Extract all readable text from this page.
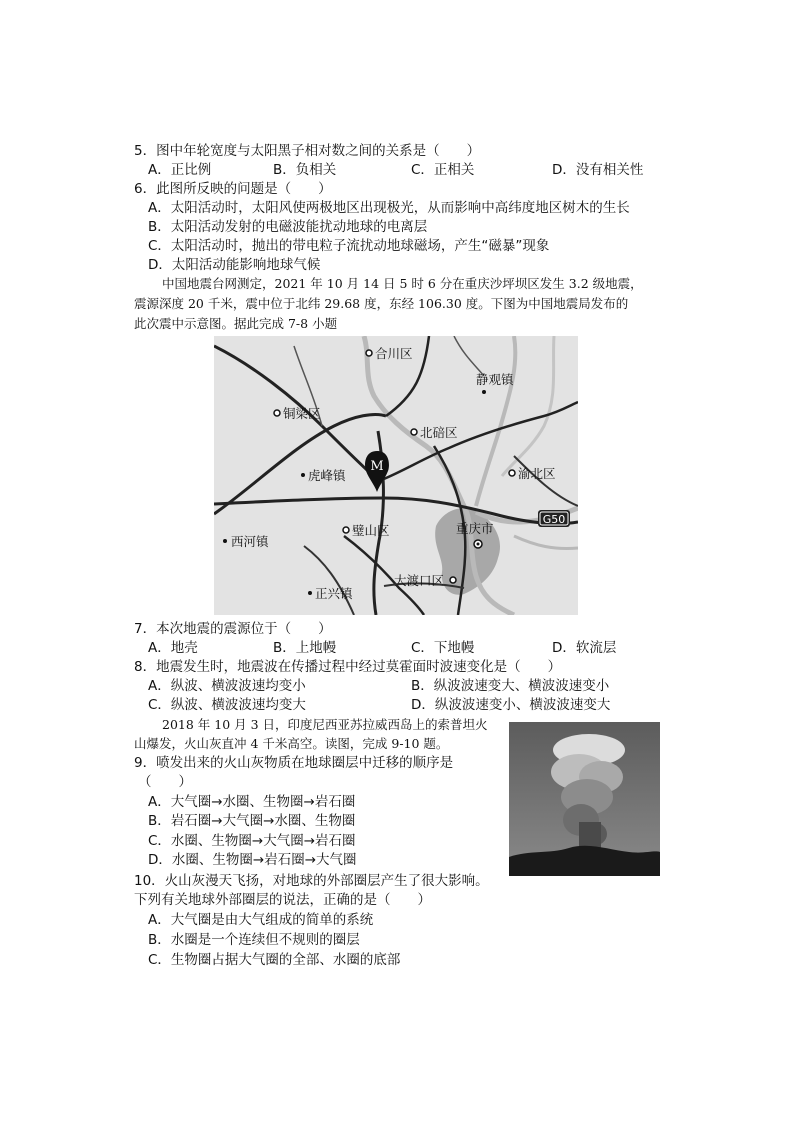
5．图中年轮宽度与太阳黑子相对数之间的关系是（　　）
A．正比例	B．负相关	C．正相关	D．没有相关性
6．此图所反映的问题是（　　）
A．太阳活动时，太阳风使两极地区出现极光，从而影响中高纬度地区树木的生长
B．太阳活动发射的电磁波能扰动地球的电离层
C．太阳活动时，抛出的带电粒子流扰动地球磁场，产生“磁暴”现象
D．太阳活动能影响地球气候
中国地震台网测定，2021 年 10 月 14 日 5 时 6 分在重庆沙坪坝区发生 3.2 级地震，
震源深度 20 千米，震中位于北纬 29.68 度，东经 106.30 度。下图为中国地震局发布的
此次震中示意图。据此完成 7-8 小题
合川区
静观镇
铜梁区
北碚区
虎峰镇	渝北区
璧山区	重庆市
西河镇
大渡口区
正兴镇
M
G50
7．本次地震的震源位于（　　）
A．地壳	B．上地幔	C．下地幔	D．软流层
8．地震发生时，地震波在传播过程中经过莫霍面时波速变化是（　　）
A．纵波、横波波速均变小	B．纵波波速变大、横波波速变小
C．纵波、横波波速均变大	D．纵波波速变小、横波波速变大
2018 年 10 月 3 日，印度尼西亚苏拉威西岛上的索普坦火
山爆发，火山灰直冲 4 千米高空。读图，完成 9-10 题。
9．喷发出来的火山灰物质在地球圈层中迁移的顺序是
（　　）
A．大气圈→水圈、生物圈→岩石圈
B．岩石圈→大气圈→水圈、生物圈
C．水圈、生物圈→大气圈→岩石圈
D．水圈、生物圈→岩石圈→大气圈
10．火山灰漫天飞扬，对地球的外部圈层产生了很大影响。
下列有关地球外部圈层的说法，正确的是（　　）
A．大气圈是由大气组成的简单的系统
B．水圈是一个连续但不规则的圈层
C．生物圈占据大气圈的全部、水圈的底部
